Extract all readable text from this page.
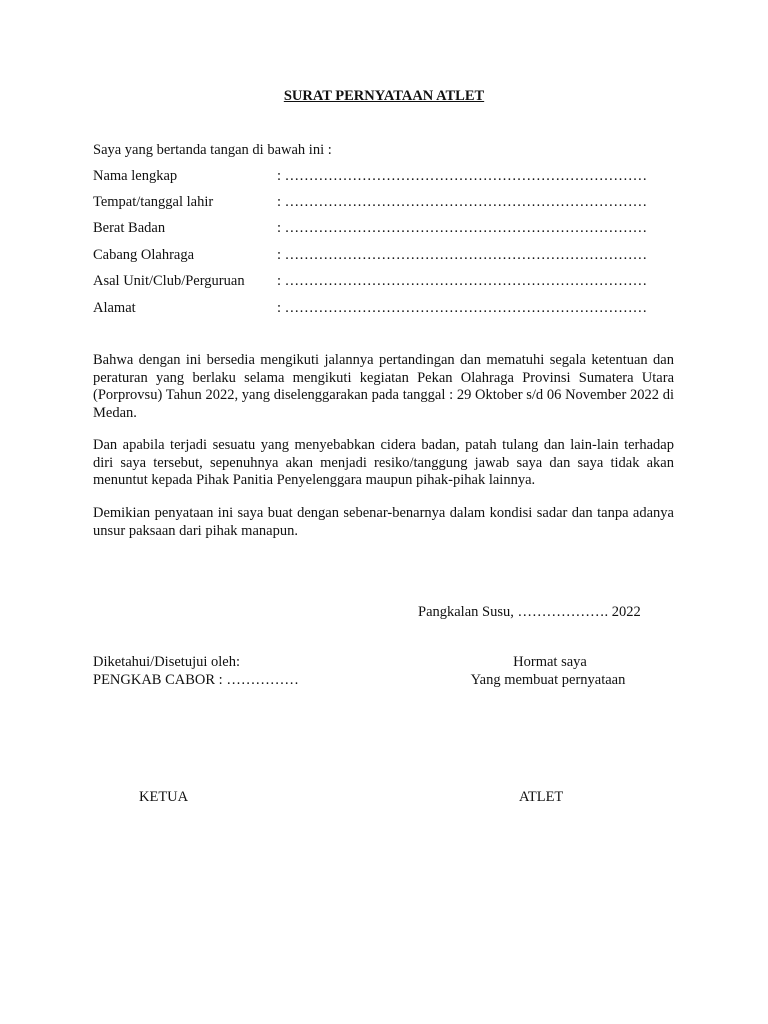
SURAT PERNYATAAN ATLET
Saya yang bertanda tangan di bawah ini :
Nama lengkap	: …………………………………………………………………
Tempat/tanggal lahir	: …………………………………………………………………
Berat Badan	: …………………………………………………………………
Cabang Olahraga	: …………………………………………………………………
Asal Unit/Club/Perguruan : …………………………………………………………………
Alamat	: …………………………………………………………………
Bahwa dengan ini bersedia mengikuti jalannya pertandingan dan mematuhi segala ketentuan dan peraturan yang berlaku selama mengikuti kegiatan Pekan Olahraga Provinsi Sumatera Utara (Porprovsu) Tahun 2022, yang diselenggarakan pada tanggal : 29 Oktober s/d 06 November 2022 di Medan.
Dan apabila terjadi sesuatu yang menyebabkan cidera badan, patah tulang dan lain-lain terhadap diri saya tersebut, sepenuhnya akan menjadi resiko/tanggung jawab saya dan saya tidak akan menuntut kepada Pihak Panitia Penyelenggara maupun pihak-pihak lainnya.
Demikian penyataan ini saya buat dengan sebenar-benarnya dalam kondisi sadar dan tanpa adanya unsur paksaan dari pihak manapun.
Pangkalan Susu, ………………. 2022
Diketahui/Disetujui oleh:
PENGKAB CABOR : ……………
KETUA
Hormat saya
Yang membuat pernyataan
ATLET
